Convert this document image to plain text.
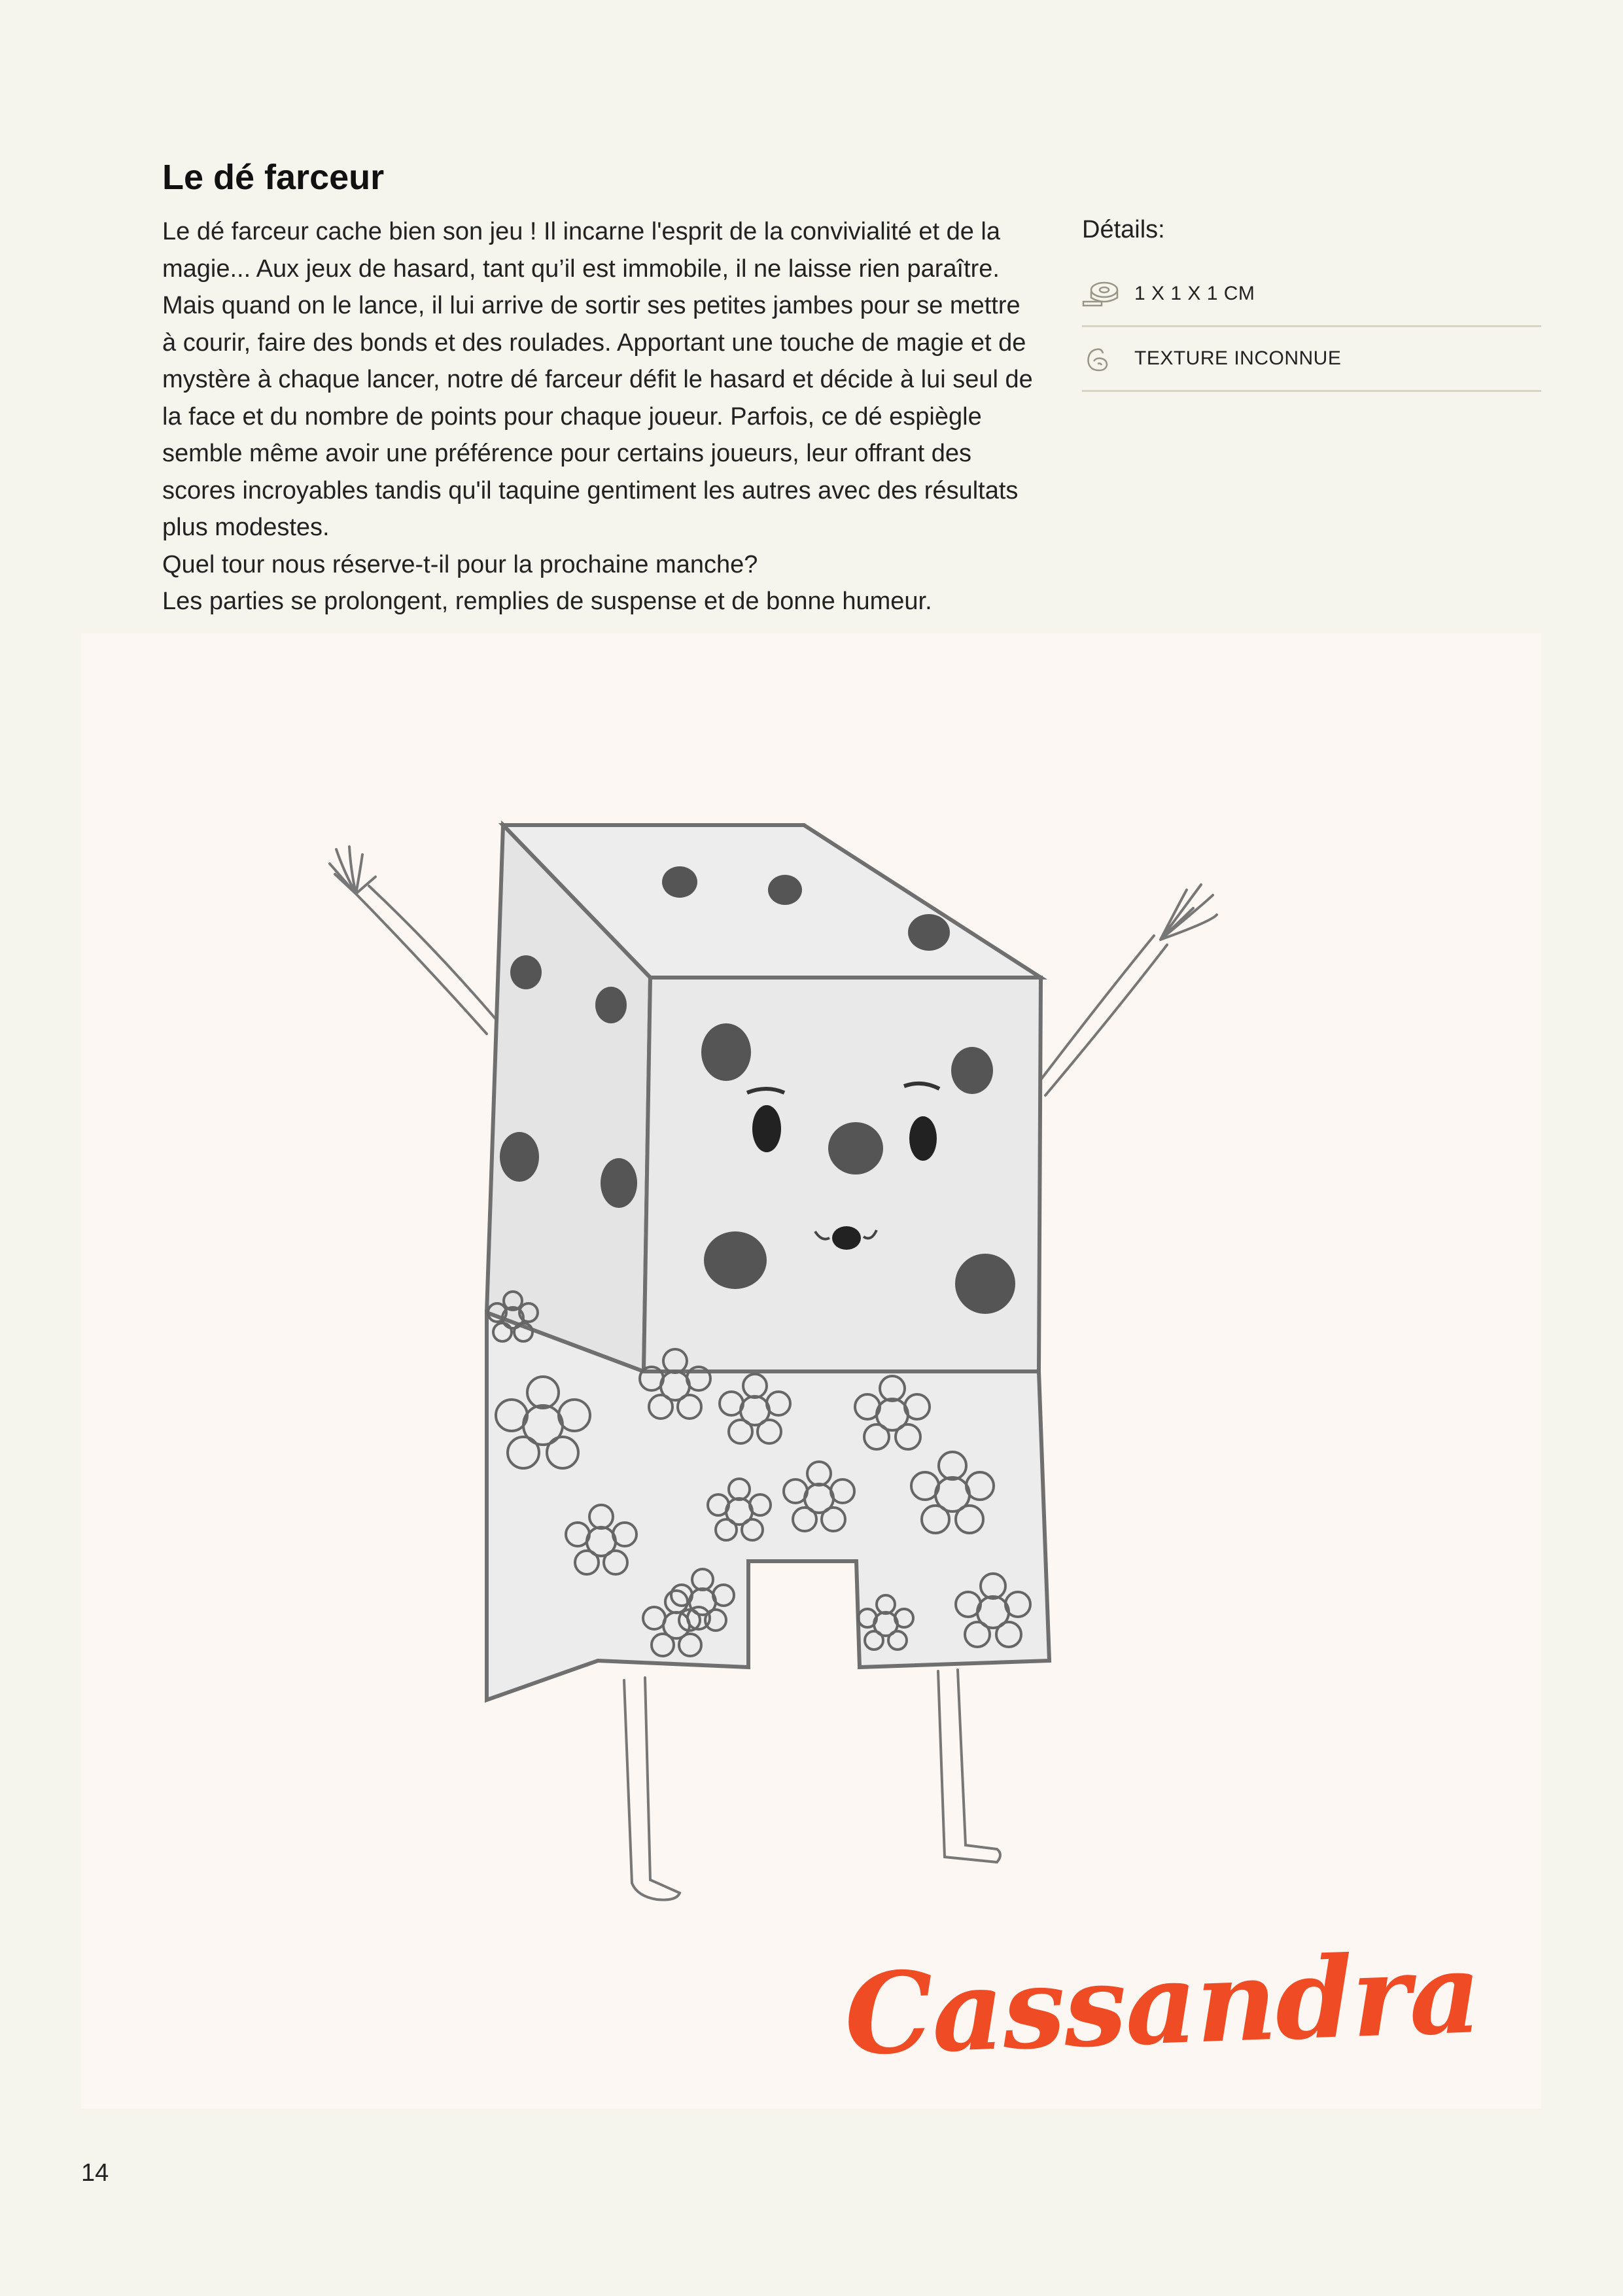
Le dé farceur

Le dé farceur cache bien son jeu ! Il incarne l'esprit de la convivialité et de la magie... Aux jeux de hasard, tant qu’il est immobile, il ne laisse rien paraître. Mais quand on le lance, il lui arrive de sortir ses petites jambes pour se mettre à courir, faire des bonds et des roulades. Apportant une touche de magie et de mystère à chaque lancer, notre dé farceur défit le hasard et décide à lui seul de la face et du nombre de points pour chaque joueur. Parfois, ce dé espiègle semble même avoir une préférence pour certains joueurs, leur offrant des scores incroyables tandis qu'il taquine gentiment les autres avec des résultats plus modestes.

Quel tour nous réserve-t-il pour la prochaine manche?

Les parties se prolongent, remplies de suspense et de bonne humeur.

Détails:
1 X 1 X 1 CM
TEXTURE INCONNUE
Cassandra
14
